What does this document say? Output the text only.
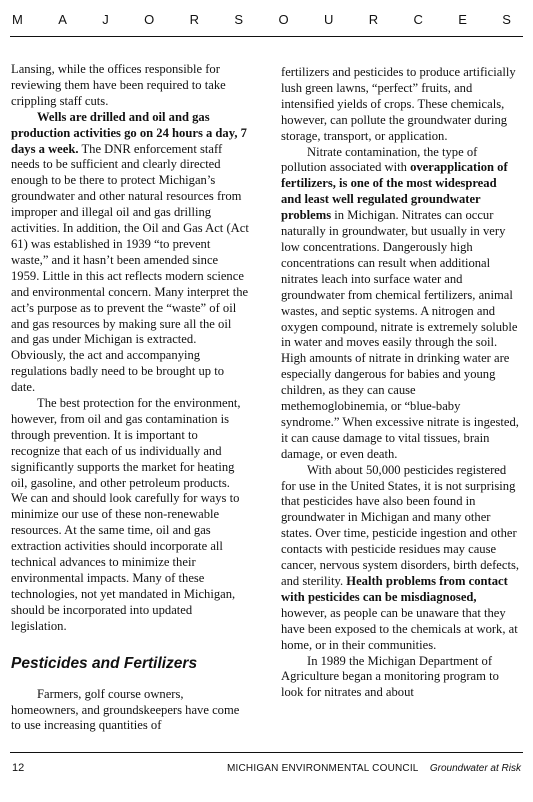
M	A	J	O	R	S	O	U	R	C	E	S

Lansing, while the offices responsible for reviewing them have been required to take crippling staff cuts.

Wells are drilled and oil and gas production activities go on 24 hours a day, 7 days a week. The DNR enforcement staff needs to be sufficient and clearly directed enough to be there to protect Michigan’s groundwater and other natural resources from improper and illegal oil and gas drilling activities. In addition, the Oil and Gas Act (Act 61) was established in 1939 “to prevent waste,” and it hasn’t been amended since 1959. Little in this act reflects modern science and environmental concern. Many interpret the act’s purpose as to prevent the “waste” of oil and gas resources by making sure all the oil and gas under Michigan is extracted. Obviously, the act and accompanying regulations badly need to be brought up to date.

The best protection for the environment, however, from oil and gas contamination is through prevention. It is important to recognize that each of us individually and significantly supports the market for heating oil, gasoline, and other petroleum products. We can and should look carefully for ways to minimize our use of these non-renewable resources. At the same time, oil and gas extraction activities should incorporate all technical advances to minimize their environmental impacts. Many of these technologies, not yet mandated in Michigan, should be incorporated into updated legislation.

Pesticides and Fertilizers

Farmers, golf course owners, homeowners, and groundskeepers have come to use increasing quantities of

fertilizers and pesticides to produce artificially lush green lawns, “perfect” fruits, and intensified yields of crops. These chemicals, however, can pollute the groundwater during storage, transport, or application.

Nitrate contamination, the type of pollution associated with overapplication of fertilizers, is one of the most widespread and least well regulated groundwater problems in Michigan. Nitrates can occur naturally in groundwater, but usually in very low concentrations. Dangerously high concentrations can result when additional nitrates leach into surface water and groundwater from chemical fertilizers, animal wastes, and septic systems. A nitrogen and oxygen compound, nitrate is extremely soluble in water and moves easily through the soil. High amounts of nitrate in drinking water are especially dangerous for babies and young children, as they can cause methemoglobinemia, or “blue-baby syndrome.” When excessive nitrate is ingested, it can cause damage to vital tissues, brain damage, or even death.

With about 50,000 pesticides registered for use in the United States, it is not surprising that pesticides have also been found in groundwater in Michigan and many other states. Over time, pesticide ingestion and other contacts with pesticide residues may cause cancer, nervous system disorders, birth defects, and sterility. Health problems from contact with pesticides can be misdiagnosed, however, as people can be unaware that they have been exposed to the chemicals at work, at home, or in their communities.

In 1989 the Michigan Department of Agriculture began a monitoring program to look for nitrates and about

12	MICHIGAN ENVIRONMENTAL COUNCIL Groundwater at Risk
